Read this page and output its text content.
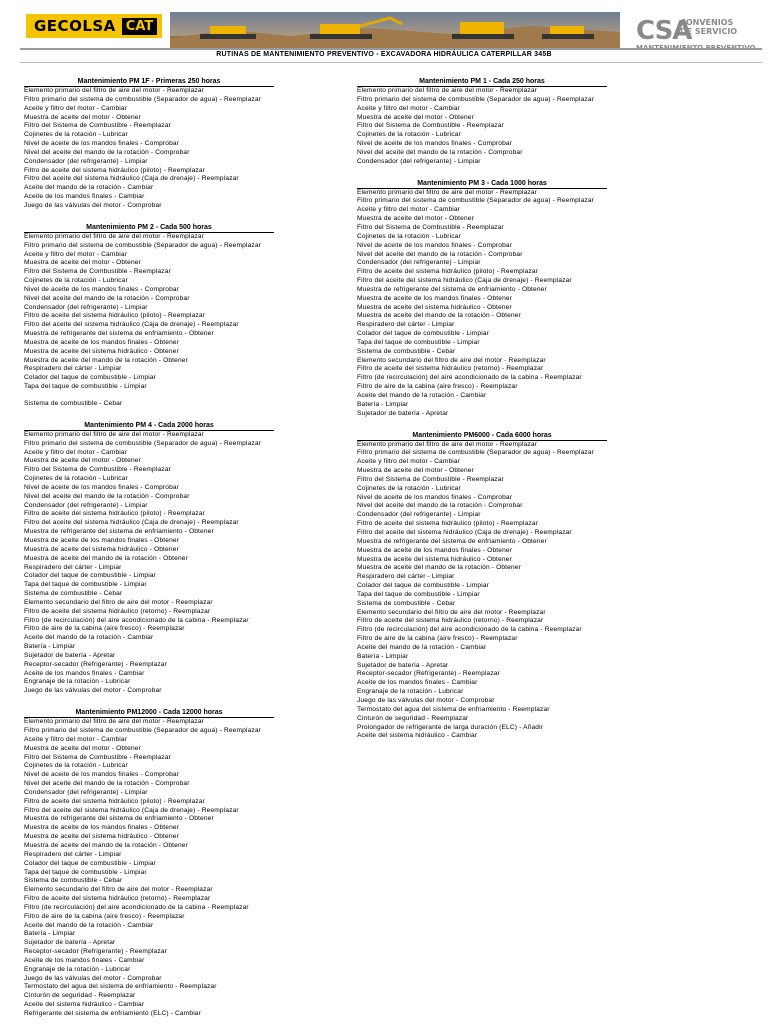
GECOLSA CAT	CSA
CONVENIOS
DE SERVICIO
RUTINAS DE MANTENIMIENTO PREVENTIVO - EXCAVADORA HIDRÁULICA CATERPILLAR 345B
Mantenimiento PM 1F - Primeras 250 horas
Elemento primario del filtro de aire del motor - Reemplazar
Filtro primario del sistema de combustible (Separador de agua) - Reemplazar
Aceite y filtro del motor - Cambiar
Muestra de aceite del motor - Obtener
Filtro del Sistema de Combustible - Reemplazar
Cojinetes de la rotación - Lubricar
Nivel de aceite de los mandos finales - Comprobar
Nivel del aceite del mando de la rotación - Comprobar
Condensador (del refrigerante) - Limpiar
Filtro de aceite del sistema hidráulico (piloto) - Reemplazar
Filtro del aceite del sistema hidráulico (Caja de drenaje) - Reemplazar
Aceite del mando de la rotación - Cambiar
Aceite de los mandos finales - Cambiar
Juego de las válvulas del motor - Comprobar
Mantenimiento PM 2 - Cada 500 horas
Elemento primario del filtro de aire del motor - Reemplazar
Filtro primario del sistema de combustible (Separador de agua) - Reemplazar
Aceite y filtro del motor - Cambiar
Muestra de aceite del motor - Obtener
Filtro del Sistema de Combustible - Reemplazar
Cojinetes de la rotación - Lubricar
Nivel de aceite de los mandos finales - Comprobar
Nivel del aceite del mando de la rotación - Comprobar
Condensador (del refrigerante) - Limpiar
Filtro de aceite del sistema hidráulico (piloto) - Reemplazar
Filtro del aceite del sistema hidráulico (Caja de drenaje) - Reemplazar
Muestra de refrigerante del sistema de enfriamiento - Obtener
Muestra de aceite de los mandos finales - Obtener
Muestra de aceite del sistema hidráulico - Obtener
Muestra de aceite del mando de la rotación - Obtener
Respiradero del cárter - Limpiar
Colador del taque de combustible - Limpiar
Tapa del taque de combustible - Limpiar
Sistema de combustible - Cebar
Mantenimiento PM 4 - Cada 2000 horas
Elemento primario del filtro de aire del motor - Reemplazar
Filtro primario del sistema de combustible (Separador de agua) - Reemplazar
Aceite y filtro del motor - Cambiar
Muestra de aceite del motor - Obtener
Filtro del Sistema de Combustible - Reemplazar
Cojinetes de la rotación - Lubricar
Nivel de aceite de los mandos finales - Comprobar
Nivel del aceite del mando de la rotación - Comprobar
Condensador (del refrigerante) - Limpiar
Filtro de aceite del sistema hidráulico (piloto) - Reemplazar
Filtro del aceite del sistema hidráulico (Caja de drenaje) - Reemplazar
Muestra de refrigerante del sistema de enfriamiento - Obtener
Muestra de aceite de los mandos finales - Obtener
Muestra de aceite del sistema hidráulico - Obtener
Muestra de aceite del mando de la rotación - Obtener
Respiradero del cárter - Limpiar
Colador del taque de combustible - Limpiar
Tapa del taque de combustible - Limpiar
Sistema de combustible - Cebar
Elemento secundario del filtro de aire del motor - Reemplazar
Filtro de aceite del sistema hidráulico (retorno) - Reemplazar
Filtro (de recirculación) del aire acondicionado de la cabina - Reemplazar
Filtro de aire de la cabina (aire fresco) - Reemplazar
Aceite del mando de la rotación - Cambiar
Batería - Limpiar
Sujetador de batería - Apretar
Receptor-secador (Refrigerante) - Reemplazar
Aceite de los mandos finales - Cambiar
Engranaje de la rotación - Lubricar
Juego de las válvulas del motor - Comprobar
Mantenimiento PM12000 - Cada 12000 horas
Elemento primario del filtro de aire del motor - Reemplazar
Filtro primario del sistema de combustible (Separador de agua) - Reemplazar
Aceite y filtro del motor - Cambiar
Muestra de aceite del motor - Obtener
Filtro del Sistema de Combustible - Reemplazar
Cojinetes de la rotación - Lubricar
Nivel de aceite de los mandos finales - Comprobar
Nivel del aceite del mando de la rotación - Comprobar
Condensador (del refrigerante) - Limpiar
Filtro de aceite del sistema hidráulico (piloto) - Reemplazar
Filtro del aceite del sistema hidráulico (Caja de drenaje) - Reemplazar
Muestra de refrigerante del sistema de enfriamiento - Obtener
Muestra de aceite de los mandos finales - Obtener
Muestra de aceite del sistema hidráulico - Obtener
Muestra de aceite del mando de la rotación - Obtener
Respiradero del cárter - Limpiar
Colador del taque de combustible - Limpiar
Tapa del taque de combustible - Limpiar
Sistema de combustible - Cebar
Elemento secundario del filtro de aire del motor - Reemplazar
Filtro de aceite del sistema hidráulico (retorno) - Reemplazar
Filtro (de recirculación) del aire acondicionado de la cabina - Reemplazar
Filtro de aire de la cabina (aire fresco) - Reemplazar
Aceite del mando de la rotación - Cambiar
Batería - Limpiar
Sujetador de batería - Apretar
Receptor-secador (Refrigerante) - Reemplazar
Aceite de los mandos finales - Cambiar
Engranaje de la rotación - Lubricar
Juego de las válvulas del motor - Comprobar
Termostato del agua del sistema de enfriamiento - Reemplazar
Cinturón de seguridad - Reemplazar
Aceite del sistema hidráulico - Cambiar
Refrigerante del sistema de enfriamiento (ELC) - Cambiar
Mantenimiento PM 1 - Cada 250 horas
Elemento primario del filtro de aire del motor - Reemplazar
Filtro primario del sistema de combustible (Separador de agua) - Reemplazar
Aceite y filtro del motor - Cambiar
Muestra de aceite del motor - Obtener
Filtro del Sistema de Combustible - Reemplazar
Cojinetes de la rotación - Lubricar
Nivel de aceite de los mandos finales - Comprobar
Nivel del aceite del mando de la rotación - Comprobar
Condensador (del refrigerante) - Limpiar
Mantenimiento PM 3 - Cada 1000 horas
Elemento primario del filtro de aire del motor - Reemplazar
Filtro primario del sistema de combustible (Separador de agua) - Reemplazar
Aceite y filtro del motor - Cambiar
Muestra de aceite del motor - Obtener
Filtro del Sistema de Combustible - Reemplazar
Cojinetes de la rotación - Lubricar
Nivel de aceite de los mandos finales - Comprobar
Nivel del aceite del mando de la rotación - Comprobar
Condensador (del refrigerante) - Limpiar
Filtro de aceite del sistema hidráulico (piloto) - Reemplazar
Filtro del aceite del sistema hidráulico (Caja de drenaje) - Reemplazar
Muestra de refrigerante del sistema de enfriamiento - Obtener
Muestra de aceite de los mandos finales - Obtener
Muestra de aceite del sistema hidráulico - Obtener
Muestra de aceite del mando de la rotación - Obtener
Respiradero del cárter - Limpiar
Colador del taque de combustible - Limpiar
Tapa del taque de combustible - Limpiar
Sistema de combustible - Cebar
Elemento secundario del filtro de aire del motor - Reemplazar
Filtro de aceite del sistema hidráulico (retorno) - Reemplazar
Filtro (de recirculación) del aire acondicionado de la cabina - Reemplazar
Filtro de aire de la cabina (aire fresco) - Reemplazar
Aceite del mando de la rotación - Cambiar
Batería - Limpiar
Sujetador de batería - Apretar
Mantenimiento PM6000 - Cada 6000 horas
Elemento primario del filtro de aire del motor - Reemplazar
Filtro primario del sistema de combustible (Separador de agua) - Reemplazar
Aceite y filtro del motor - Cambiar
Muestra de aceite del motor - Obtener
Filtro del Sistema de Combustible - Reemplazar
Cojinetes de la rotación - Lubricar
Nivel de aceite de los mandos finales - Comprobar
Nivel del aceite del mando de la rotación - Comprobar
Condensador (del refrigerante) - Limpiar
Filtro de aceite del sistema hidráulico (piloto) - Reemplazar
Filtro del aceite del sistema hidráulico (Caja de drenaje) - Reemplazar
Muestra de refrigerante del sistema de enfriamiento - Obtener
Muestra de aceite de los mandos finales - Obtener
Muestra de aceite del sistema hidráulico - Obtener
Muestra de aceite del mando de la rotación - Obtener
Respiradero del cárter - Limpiar
Colador del taque de combustible - Limpiar
Tapa del taque de combustible - Limpiar
Sistema de combustible - Cebar
Elemento secundario del filtro de aire del motor - Reemplazar
Filtro de aceite del sistema hidráulico (retorno) - Reemplazar
Filtro (de recirculación) del aire acondicionado de la cabina - Reemplazar
Filtro de aire de la cabina (aire fresco) - Reemplazar
Aceite del mando de la rotación - Cambiar
Batería - Limpiar
Sujetador de batería - Apretar
Receptor-secador (Refrigerante) - Reemplazar
Aceite de los mandos finales - Cambiar
Engranaje de la rotación - Lubricar
Juego de las válvulas del motor - Comprobar
Termostato del agua del sistema de enfriamiento - Reemplazar
Cinturón de seguridad - Reemplazar
Prolongador de refrigerante de larga duración (ELC) - Añadir
Aceite del sistema hidráulico - Cambiar
